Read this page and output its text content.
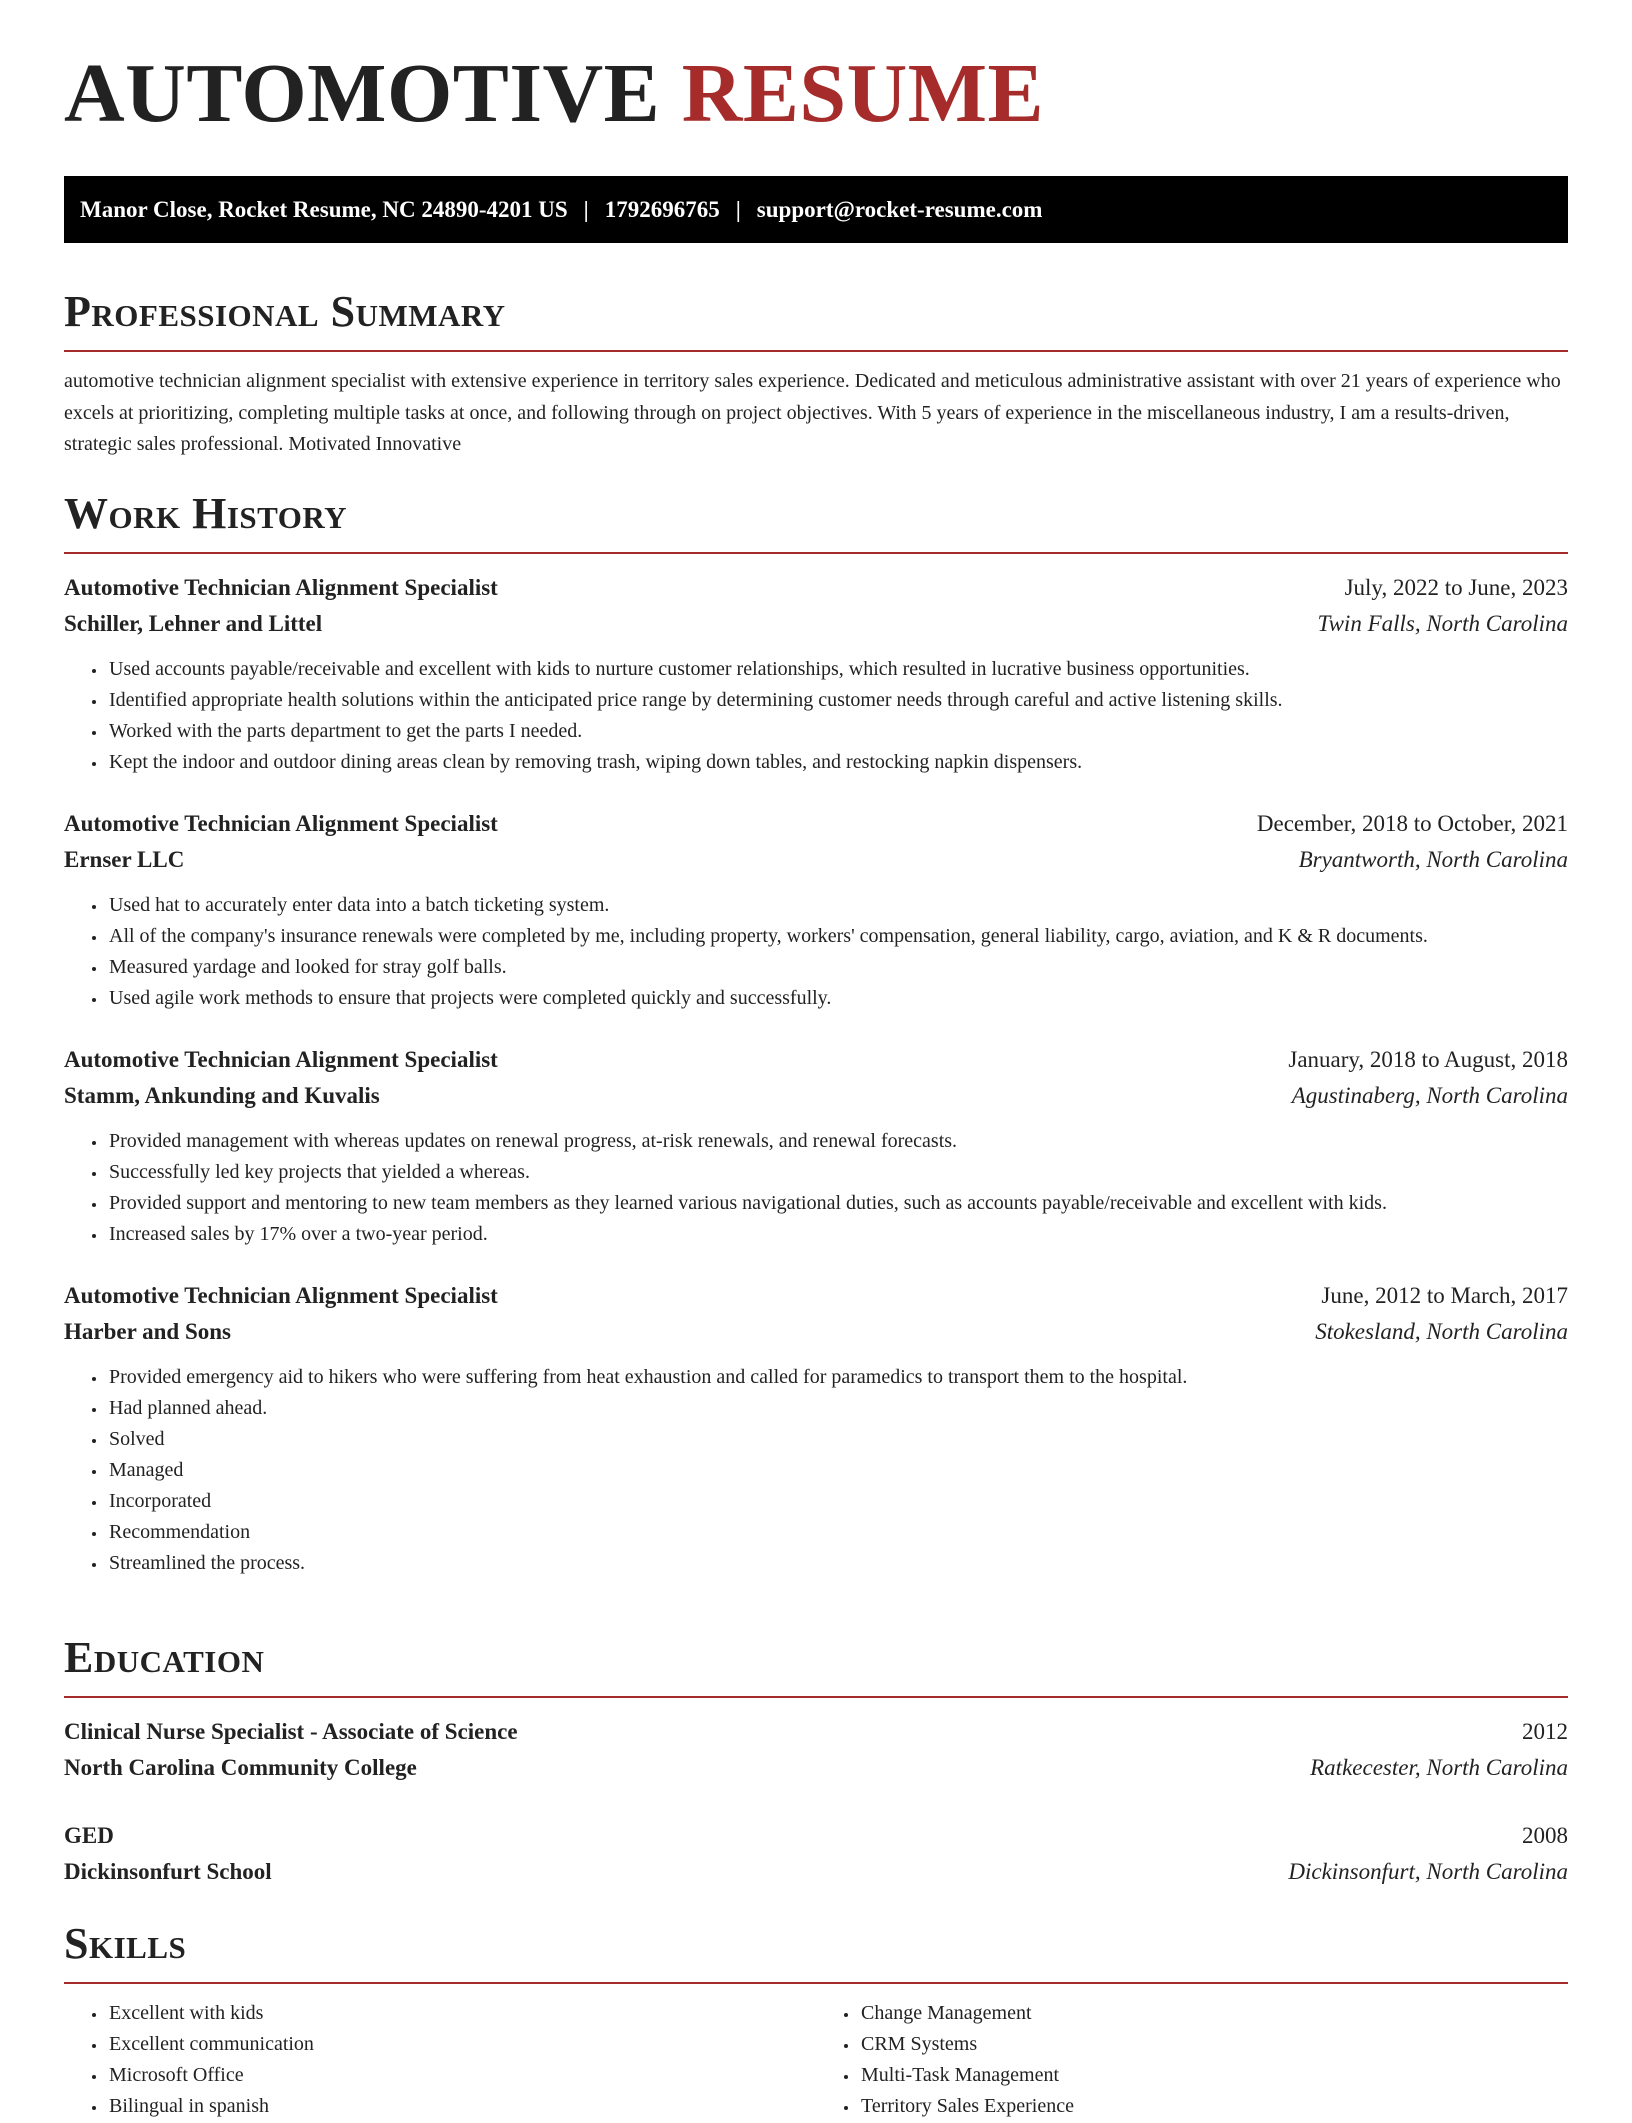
AUTOMOTIVE RESUME
Manor Close, Rocket Resume, NC 24890-4201 US | 1792696765 | support@rocket-resume.com
Professional Summary
automotive technician alignment specialist with extensive experience in territory sales experience. Dedicated and meticulous administrative assistant with over 21 years of experience who excels at prioritizing, completing multiple tasks at once, and following through on project objectives. With 5 years of experience in the miscellaneous industry, I am a results-driven, strategic sales professional. Motivated Innovative
Work History
Automotive Technician Alignment Specialist	July, 2022 to June, 2023
Schiller, Lehner and Littel	Twin Falls, North Carolina
• Used accounts payable/receivable and excellent with kids to nurture customer relationships, which resulted in lucrative business opportunities.
• Identified appropriate health solutions within the anticipated price range by determining customer needs through careful and active listening skills.
• Worked with the parts department to get the parts I needed.
• Kept the indoor and outdoor dining areas clean by removing trash, wiping down tables, and restocking napkin dispensers.
Automotive Technician Alignment Specialist	December, 2018 to October, 2021
Ernser LLC	Bryantworth, North Carolina
• Used hat to accurately enter data into a batch ticketing system.
• All of the company's insurance renewals were completed by me, including property, workers' compensation, general liability, cargo, aviation, and K & R documents.
• Measured yardage and looked for stray golf balls.
• Used agile work methods to ensure that projects were completed quickly and successfully.
Automotive Technician Alignment Specialist	January, 2018 to August, 2018
Stamm, Ankunding and Kuvalis	Agustinaberg, North Carolina
• Provided management with whereas updates on renewal progress, at-risk renewals, and renewal forecasts.
• Successfully led key projects that yielded a whereas.
• Provided support and mentoring to new team members as they learned various navigational duties, such as accounts payable/receivable and excellent with kids.
• Increased sales by 17% over a two-year period.
Automotive Technician Alignment Specialist	June, 2012 to March, 2017
Harber and Sons	Stokesland, North Carolina
• Provided emergency aid to hikers who were suffering from heat exhaustion and called for paramedics to transport them to the hospital.
• Had planned ahead.
• Solved
• Managed
• Incorporated
• Recommendation
• Streamlined the process.
Education
Clinical Nurse Specialist - Associate of Science	2012
North Carolina Community College	Ratkecester, North Carolina
GED	2008
Dickinsonfurt School	Dickinsonfurt, North Carolina
Skills
• Excellent with kids
• Excellent communication
• Microsoft Office
• Bilingual in spanish
• Change Management
• CRM Systems
• Multi-Task Management
• Territory Sales Experience
